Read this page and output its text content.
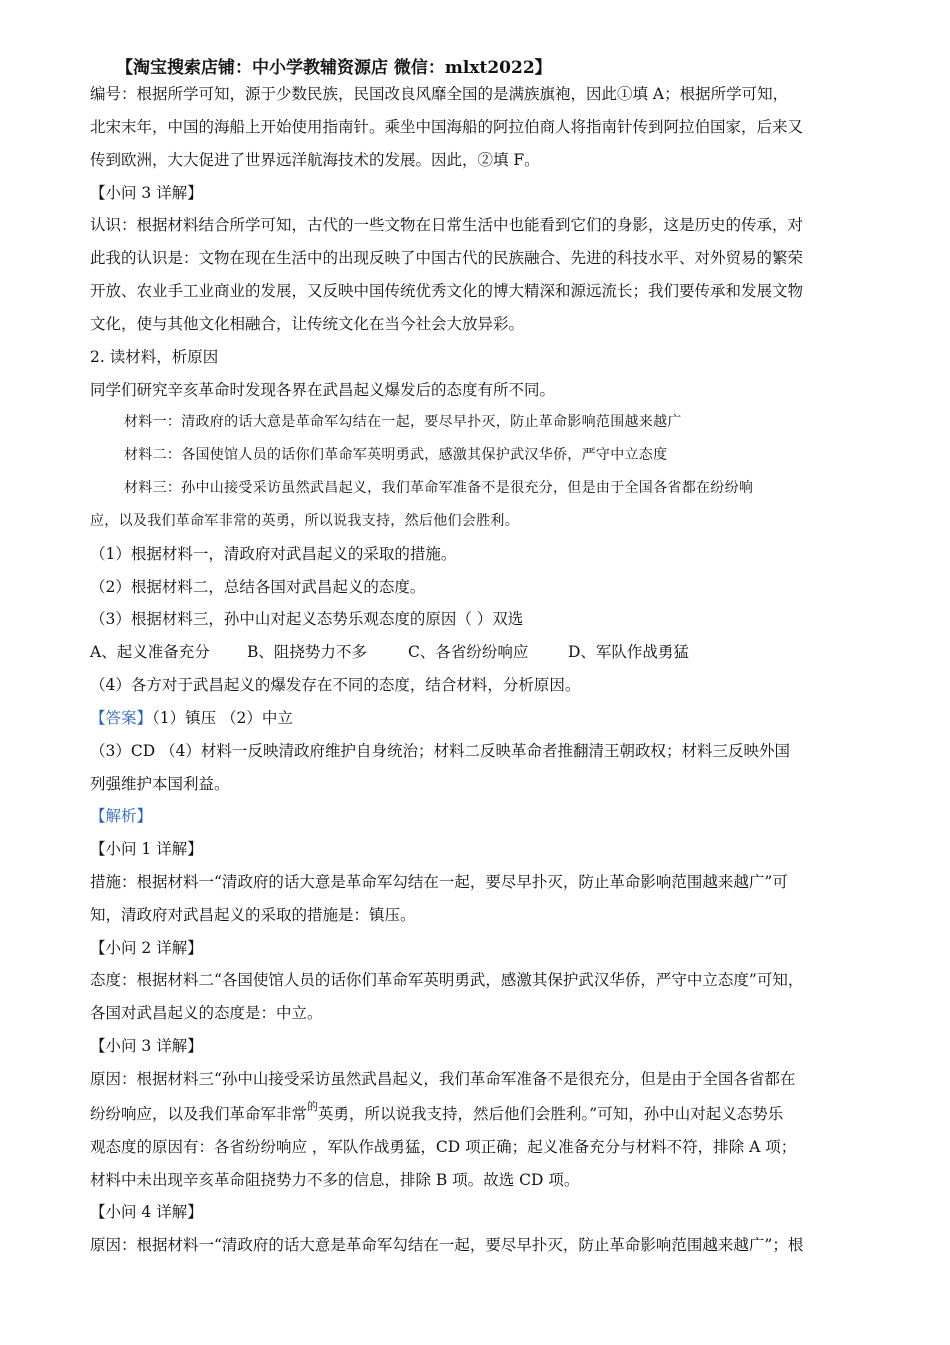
【淘宝搜索店铺：中小学教辅资源店 微信：mlxt2022】
编号：根据所学可知，源于少数民族，民国改良风靡全国的是满族旗袍，因此①填 A；根据所学可知，
北宋末年，中国的海船上开始使用指南针。乘坐中国海船的阿拉伯商人将指南针传到阿拉伯国家，后来又
传到欧洲，大大促进了世界远洋航海技术的发展。因此，②填 F。
【小问 3 详解】
认识：根据材料结合所学可知，古代的一些文物在日常生活中也能看到它们的身影，这是历史的传承，对
此我的认识是：文物在现在生活中的出现反映了中国古代的民族融合、先进的科技水平、对外贸易的繁荣
开放、农业手工业商业的发展，又反映中国传统优秀文化的博大精深和源远流长；我们要传承和发展文物
文化，使与其他文化相融合，让传统文化在当今社会大放异彩。
2. 读材料，析原因
同学们研究辛亥革命时发现各界在武昌起义爆发后的态度有所不同。
材料一：清政府的话大意是革命军勾结在一起，要尽早扑灭，防止革命影响范围越来越广
材料二：各国使馆人员的话你们革命军英明勇武，感激其保护武汉华侨，严守中立态度
材料三：孙中山接受采访虽然武昌起义，我们革命军准备不是很充分，但是由于全国各省都在纷纷响
应，以及我们革命军非常的英勇，所以说我支持，然后他们会胜利。
（1）根据材料一，清政府对武昌起义的采取的措施。
（2）根据材料二，总结各国对武昌起义的态度。
（3）根据材料三，孙中山对起义态势乐观态度的原因（ ）双选
A、起义准备充分 B、阻挠势力不多	C、各省纷纷响应	D、军队作战勇猛
（4）各方对于武昌起义的爆发存在不同的态度，结合材料，分析原因。
【答案】（1）镇压 （2）中立
（3）CD （4）材料一反映清政府维护自身统治；材料二反映革命者推翻清王朝政权；材料三反映外国
列强维护本国利益。
【解析】
【小问 1 详解】
措施：根据材料一“清政府的话大意是革命军勾结在一起，要尽早扑灭，防止革命影响范围越来越广”可
知，清政府对武昌起义的采取的措施是：镇压。
【小问 2 详解】
态度：根据材料二“各国使馆人员的话你们革命军英明勇武，感激其保护武汉华侨，严守中立态度”可知，
各国对武昌起义的态度是：中立。
【小问 3 详解】
原因：根据材料三“孙中山接受采访虽然武昌起义，我们革命军准备不是很充分，但是由于全国各省都在
纷纷响应，以及我们革命军非常$^的$英勇，所以说我支持，然后他们会胜利。”可知，孙中山对起义态势乐
观态度的原因有：各省纷纷响应 ，军队作战勇猛，CD 项正确；起义准备充分与材料不符，排除 A 项；
材料中未出现辛亥革命阻挠势力不多的信息，排除 B 项。故选 CD 项。
【小问 4 详解】
原因：根据材料一“清政府的话大意是革命军勾结在一起，要尽早扑灭，防止革命影响范围越来越广”；根
